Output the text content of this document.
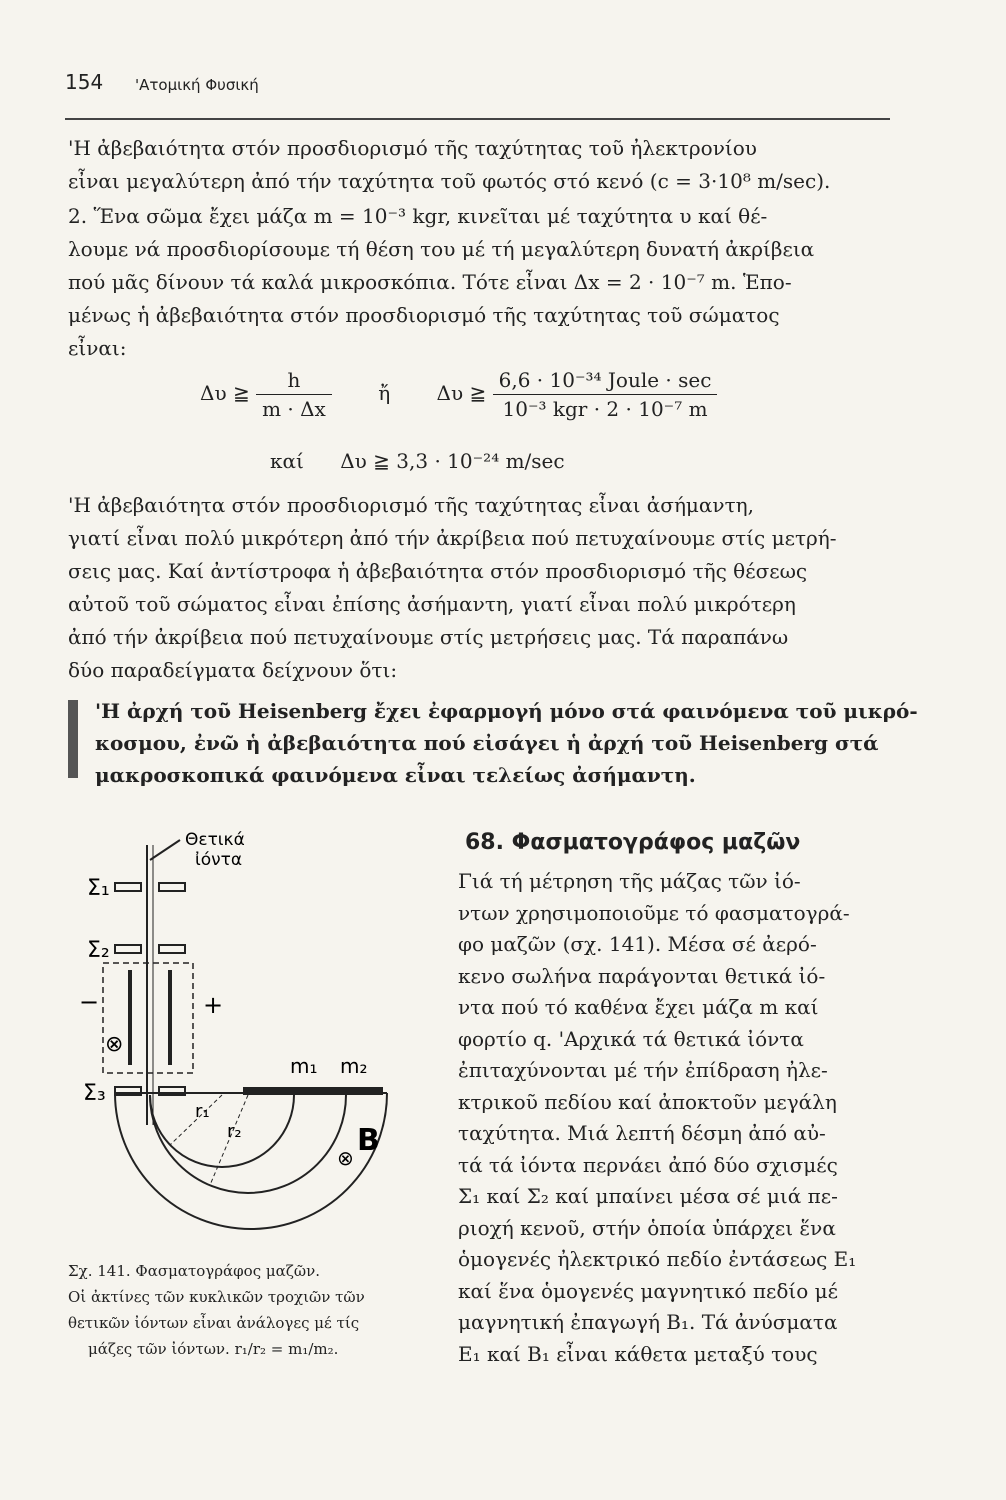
154 'Ατομική Φυσική
'Η ἀβεβαιότητα στόν προσδιορισμό τῆς ταχύτητας τοῦ ἠλεκτρονίου
εἶναι μεγαλύτερη ἀπό τήν ταχύτητα τοῦ φωτός στό κενό (c = 3·10⁸ m/sec).
2. Ἕνα σῶμα ἔχει μάζα m = 10⁻³ kgr, κινεῖται μέ ταχύτητα υ καί θέ-
λουμε νά προσδιορίσουμε τή θέση του μέ τή μεγαλύτερη δυνατή ἀκρίβεια
πού μᾶς δίνουν τά καλά μικροσκόπια. Τότε εἶναι Δx = 2 · 10⁻⁷ m. Ἑπο-
μένως ἡ ἀβεβαιότητα στόν προσδιορισμό τῆς ταχύτητας τοῦ σώματος
εἶναι:
Δυ ≧ $\frac{h}{m \cdot \Delta x}$ ἤ Δυ ≧ $\frac{\text{6,6 · 10⁻³⁴ Joule · sec}}{\text{10⁻³ kgr · 2 · 10⁻⁷ m}}$
καί Δυ ≧ 3,3 · 10⁻²⁴ m/sec
'Η ἀβεβαιότητα στόν προσδιορισμό τῆς ταχύτητας εἶναι ἀσήμαντη,
γιατί εἶναι πολύ μικρότερη ἀπό τήν ἀκρίβεια πού πετυχαίνουμε στίς μετρή-
σεις μας. Καί ἀντίστροφα ἡ ἀβεβαιότητα στόν προσδιορισμό τῆς θέσεως
αὐτοῦ τοῦ σώματος εἶναι ἐπίσης ἀσήμαντη, γιατί εἶναι πολύ μικρότερη
ἀπό τήν ἀκρίβεια πού πετυχαίνουμε στίς μετρήσεις μας. Τά παραπάνω
δύο παραδείγματα δείχνουν ὅτι:
'Η ἀρχή τοῦ Heisenberg ἔχει ἐφαρμογή μόνο στά φαινόμενα τοῦ μικρό-
κοσμου, ἐνῶ ἡ ἀβεβαιότητα πού εἰσάγει ἡ ἀρχή τοῦ Heisenberg στά
μακροσκοπικά φαινόμενα εἶναι τελείως ἀσήμαντη.
68. Φασματογράφος μαζῶν
Γιά τή μέτρηση τῆς μάζας τῶν ἰό-
ντων χρησιμοποιοῦμε τό φασματογρά-
φο μαζῶν (σχ. 141). Μέσα σέ ἀερό-
κενο σωλήνα παράγονται θετικά ἰό-
ντα πού τό καθένα ἔχει μάζα m καί
φορτίο q. 'Αρχικά τά θετικά ἰόντα
ἐπιταχύνονται μέ τήν ἐπίδραση ἠλε-
κτρικοῦ πεδίου καί ἀποκτοῦν μεγάλη
ταχύτητα. Μιά λεπτή δέσμη ἀπό αὐ-
τά τά ἰόντα περνάει ἀπό δύο σχισμές
Σ₁ καί Σ₂ καί μπαίνει μέσα σέ μιά πε-
ριοχή κενοῦ, στήν ὁποία ὑπάρχει ἕνα
ὁμογενές ἠλεκτρικό πεδίο ἐντάσεως E₁
καί ἕνα ὁμογενές μαγνητικό πεδίο μέ
μαγνητική ἐπαγωγή B₁. Τά ἀνύσματα
E₁ καί B₁ εἶναι κάθετα μεταξύ τους
Θετικά
ἰόντα
Σ₁
Σ₂
−	+
⊗
Σ₃
m₁ m₂
r₁
r₂	B
⊗
Σχ. 141. Φασματογράφος μαζῶν.
Οἱ ἀκτίνες τῶν κυκλικῶν τροχιῶν τῶν
θετικῶν ἰόντων εἶναι ἀνάλογες μέ τίς
μάζες τῶν ἰόντων. r₁/r₂ = m₁/m₂.
